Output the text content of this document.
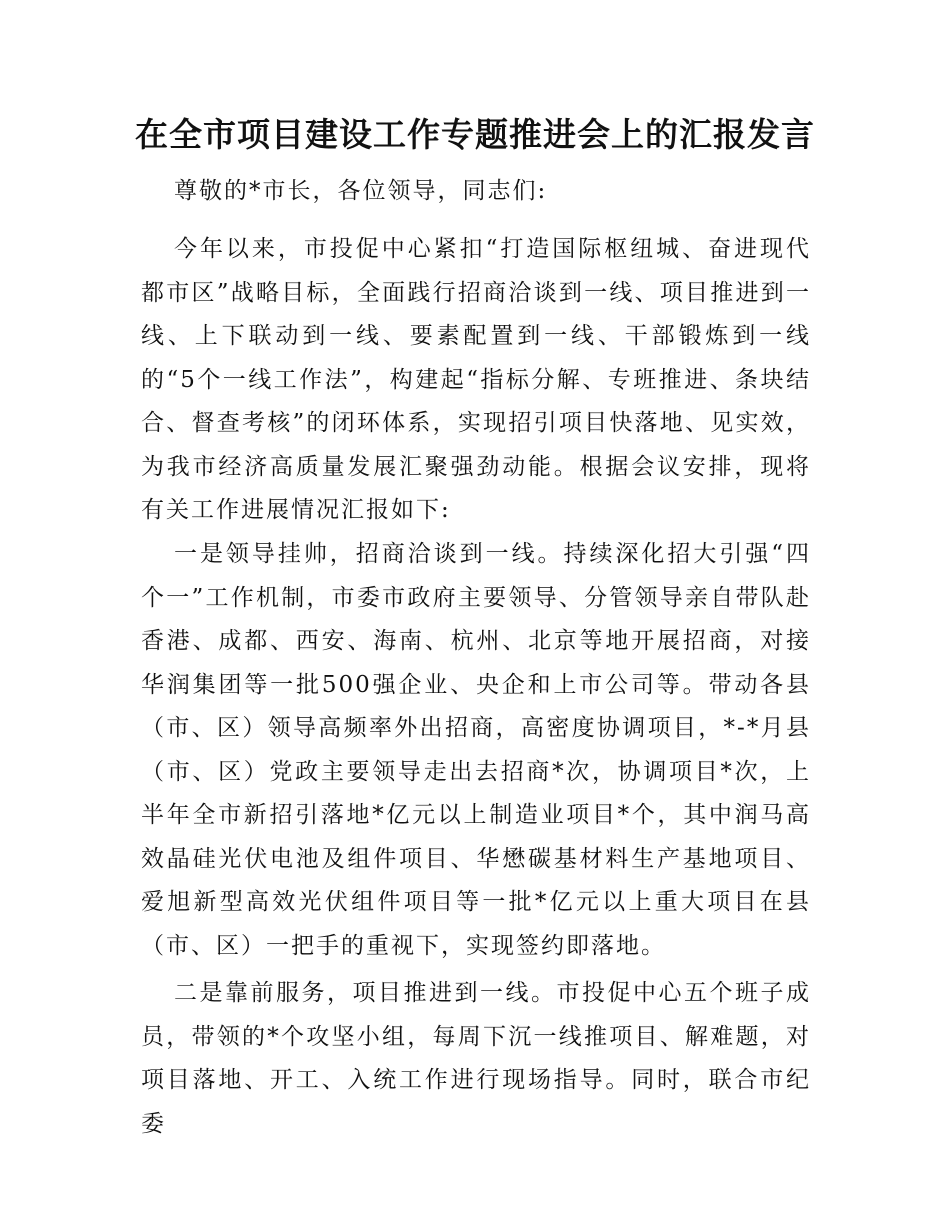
在全市项目建设工作专题推进会上的汇报发言
尊敬的*市长，各位领导，同志们:
今年以来，市投促中心紧扣“打造国际枢纽城、奋进现代都市区”战略目标，全面践行招商洽谈到一线、项目推进到一线、上下联动到一线、要素配置到一线、干部锻炼到一线的“5个一线工作法”，构建起“指标分解、专班推进、条块结合、督查考核”的闭环体系，实现招引项目快落地、见实效，为我市经济高质量发展汇聚强劲动能。根据会议安排，现将有关工作进展情况汇报如下:
一是领导挂帅，招商洽谈到一线。持续深化招大引强“四个一”工作机制，市委市政府主要领导、分管领导亲自带队赴香港、成都、西安、海南、杭州、北京等地开展招商，对接华润集团等一批500强企业、央企和上市公司等。带动各县（市、区）领导高频率外出招商，高密度协调项目，*-*月县（市、区）党政主要领导走出去招商*次，协调项目*次，上半年全市新招引落地*亿元以上制造业项目*个，其中润马高效晶硅光伏电池及组件项目、华懋碳基材料生产基地项目、爱旭新型高效光伏组件项目等一批*亿元以上重大项目在县（市、区）一把手的重视下，实现签约即落地。
二是靠前服务，项目推进到一线。市投促中心五个班子成员，带领的*个攻坚小组，每周下沉一线推项目、解难题，对项目落地、开工、入统工作进行现场指导。同时，联合市纪委
